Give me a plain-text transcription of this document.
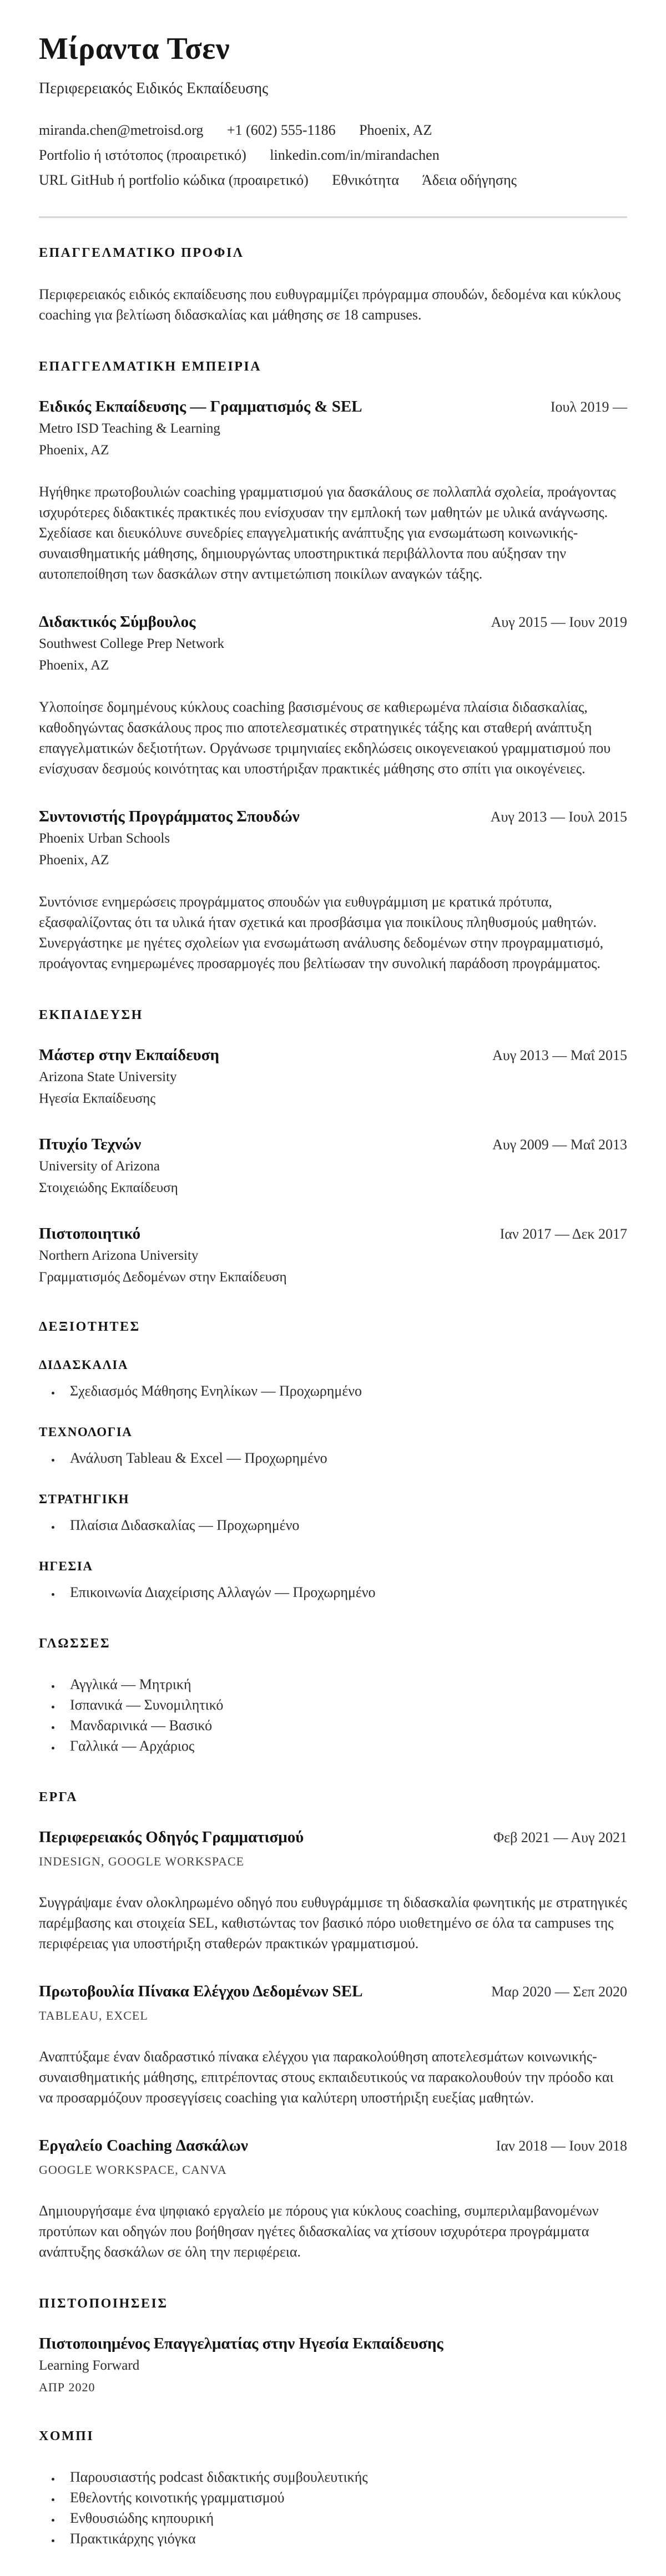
Μίραντα Τσεν
Περιφερειακός Ειδικός Εκπαίδευσης
miranda.chen@metroisd.org +1 (602) 555-1186 Phoenix, AZ
Portfolio ή ιστότοπος (προαιρετικό) linkedin.com/in/mirandachen
URL GitHub ή portfolio κώδικα (προαιρετικό) Εθνικότητα Άδεια οδήγησης
ΕΠΑΓΓΕΛΜΑΤΙΚΟ ΠΡΟΦΙΛ

Περιφερειακός ειδικός εκπαίδευσης που ευθυγραμμίζει πρόγραμμα σπουδών, δεδομένα και κύκλους coaching για βελτίωση διδασκαλίας και μάθησης σε 18 campuses.

ΕΠΑΓΓΕΛΜΑΤΙΚΗ ΕΜΠΕΙΡΙΑ
Ειδικός Εκπαίδευσης — Γραμματισμός & SEL	Ιουλ 2019 —
Metro ISD Teaching & Learning
Phoenix, AZ

Ηγήθηκε πρωτοβουλιών coaching γραμματισμού για δασκάλους σε πολλαπλά σχολεία, προάγοντας ισχυρότερες διδακτικές πρακτικές που ενίσχυσαν την εμπλοκή των μαθητών με υλικά ανάγνωσης. Σχεδίασε και διευκόλυνε συνεδρίες επαγγελματικής ανάπτυξης για ενσωμάτωση κοινωνικής-συναισθηματικής μάθησης, δημιουργώντας υποστηρικτικά περιβάλλοντα που αύξησαν την αυτοπεποίθηση των δασκάλων στην αντιμετώπιση ποικίλων αναγκών τάξης.

Διδακτικός Σύμβουλος	Αυγ 2015 — Ιουν 2019
Southwest College Prep Network
Phoenix, AZ

Υλοποίησε δομημένους κύκλους coaching βασισμένους σε καθιερωμένα πλαίσια διδασκαλίας, καθοδηγώντας δασκάλους προς πιο αποτελεσματικές στρατηγικές τάξης και σταθερή ανάπτυξη επαγγελματικών δεξιοτήτων. Οργάνωσε τριμηνιαίες εκδηλώσεις οικογενειακού γραμματισμού που ενίσχυσαν δεσμούς κοινότητας και υποστήριξαν πρακτικές μάθησης στο σπίτι για οικογένειες.

Συντονιστής Προγράμματος Σπουδών	Αυγ 2013 — Ιουλ 2015
Phoenix Urban Schools
Phoenix, AZ

Συντόνισε ενημερώσεις προγράμματος σπουδών για ευθυγράμμιση με κρατικά πρότυπα, εξασφαλίζοντας ότι τα υλικά ήταν σχετικά και προσβάσιμα για ποικίλους πληθυσμούς μαθητών. Συνεργάστηκε με ηγέτες σχολείων για ενσωμάτωση ανάλυσης δεδομένων στην προγραμματισμό, προάγοντας ενημερωμένες προσαρμογές που βελτίωσαν την συνολική παράδοση προγράμματος.

ΕΚΠΑΙΔΕΥΣΗ
Μάστερ στην Εκπαίδευση	Αυγ 2013 — Μαΐ 2015
Arizona State University
Ηγεσία Εκπαίδευσης
Πτυχίο Τεχνών	Αυγ 2009 — Μαΐ 2013
University of Arizona
Στοιχειώδης Εκπαίδευση
Πιστοποιητικό	Ιαν 2017 — Δεκ 2017
Northern Arizona University
Γραμματισμός Δεδομένων στην Εκπαίδευση
ΔΕΞΙΟΤΗΤΕΣ
ΔΙΔΑΣΚΑΛΙΑ
• Σχεδιασμός Μάθησης Ενηλίκων — Προχωρημένο
ΤΕΧΝΟΛΟΓΙΑ
• Ανάλυση Tableau & Excel — Προχωρημένο
ΣΤΡΑΤΗΓΙΚΗ
• Πλαίσια Διδασκαλίας — Προχωρημένο
ΗΓΕΣΙΑ
• Επικοινωνία Διαχείρισης Αλλαγών — Προχωρημένο
ΓΛΩΣΣΕΣ
• Αγγλικά — Μητρική
• Ισπανικά — Συνομιλητικό
• Μανδαρινικά — Βασικό
• Γαλλικά — Αρχάριος
ΕΡΓΑ
Περιφερειακός Οδηγός Γραμματισμού	Φεβ 2021 — Αυγ 2021
INDESIGN, GOOGLE WORKSPACE

Συγγράψαμε έναν ολοκληρωμένο οδηγό που ευθυγράμμισε τη διδασκαλία φωνητικής με στρατηγικές παρέμβασης και στοιχεία SEL, καθιστώντας τον βασικό πόρο υιοθετημένο σε όλα τα campuses της περιφέρειας για υποστήριξη σταθερών πρακτικών γραμματισμού.

Πρωτοβουλία Πίνακα Ελέγχου Δεδομένων SEL	Μαρ 2020 — Σεπ 2020
TABLEAU, EXCEL

Αναπτύξαμε έναν διαδραστικό πίνακα ελέγχου για παρακολούθηση αποτελεσμάτων κοινωνικής-συναισθηματικής μάθησης, επιτρέποντας στους εκπαιδευτικούς να παρακολουθούν την πρόοδο και να προσαρμόζουν προσεγγίσεις coaching για καλύτερη υποστήριξη ευεξίας μαθητών.

Εργαλείο Coaching Δασκάλων	Ιαν 2018 — Ιουν 2018
GOOGLE WORKSPACE, CANVA

Δημιουργήσαμε ένα ψηφιακό εργαλείο με πόρους για κύκλους coaching, συμπεριλαμβανομένων προτύπων και οδηγών που βοήθησαν ηγέτες διδασκαλίας να χτίσουν ισχυρότερα προγράμματα ανάπτυξης δασκάλων σε όλη την περιφέρεια.

ΠΙΣΤΟΠΟΙΗΣΕΙΣ
Πιστοποιημένος Επαγγελματίας στην Ηγεσία Εκπαίδευσης
Learning Forward
ΑΠΡ 2020
ΧΟΜΠΙ
• Παρουσιαστής podcast διδακτικής συμβουλευτικής
• Εθελοντής κοινοτικής γραμματισμού
• Ενθουσιώδης κηπουρική
• Πρακτικάρχης γιόγκα
